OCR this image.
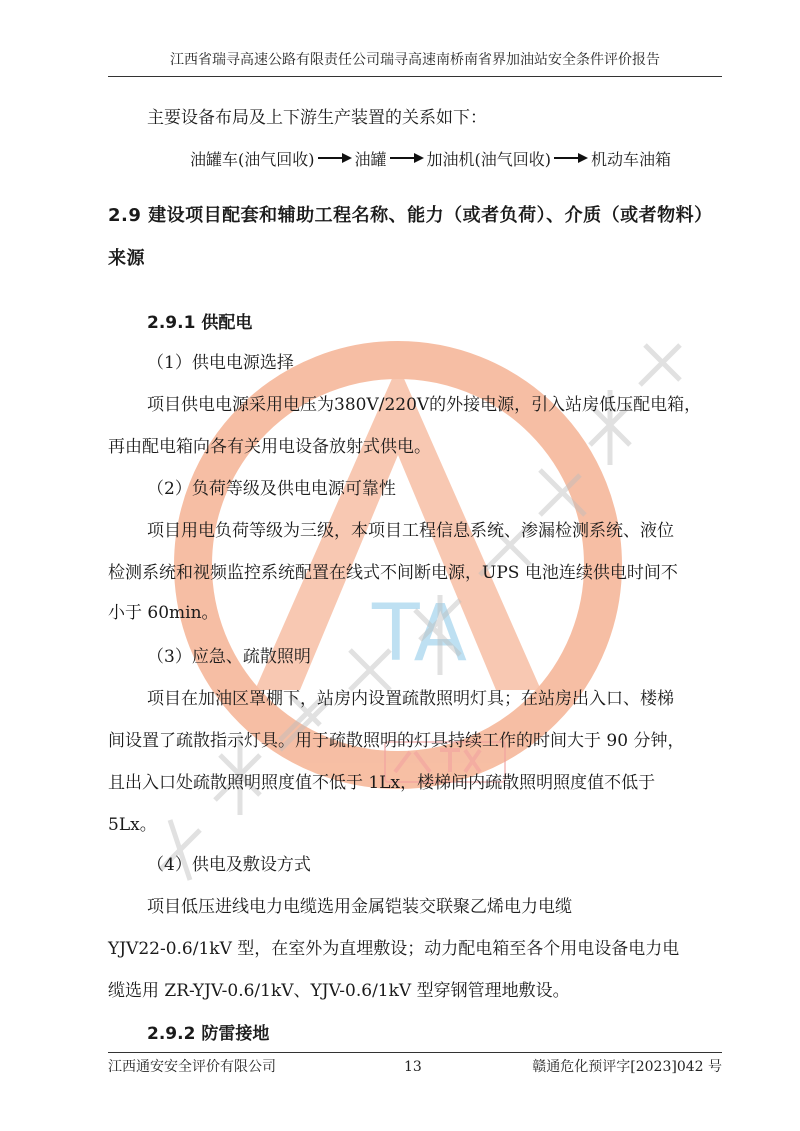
TA
江西省瑞寻高速公路有限责任公司瑞寻高速南桥南省界加油站安全条件评价报告
主要设备布局及上下游生产装置的关系如下：
油罐车(油气回收)	油罐	加油机(油气回收)	机动车油箱
2.9 建设项目配套和辅助工程名称、能力（或者负荷）、介质（或者物料）
来源
2.9.1 供配电
（1）供电电源选择
项目供电电源采用电压为380V/220V的外接电源，引入站房低压配电箱，
再由配电箱向各有关用电设备放射式供电。
（2）负荷等级及供电电源可靠性
项目用电负荷等级为三级，本项目工程信息系统、渗漏检测系统、液位
检测系统和视频监控系统配置在线式不间断电源，UPS 电池连续供电时间不
小于 60min。
（3）应急、疏散照明
项目在加油区罩棚下，站房内设置疏散照明灯具；在站房出入口、楼梯
间设置了疏散指示灯具。用于疏散照明的灯具持续工作的时间大于 90 分钟，
且出入口处疏散照明照度值不低于 1Lx，楼梯间内疏散照明照度值不低于
5Lx。
（4）供电及敷设方式
项目低压进线电力电缆选用金属铠装交联聚乙烯电力电缆
YJV22-0.6/1kV 型，在室外为直埋敷设；动力配电箱至各个用电设备电力电
缆选用 ZR-YJV-0.6/1kV、YJV-0.6/1kV 型穿钢管理地敷设。
2.9.2 防雷接地
江西通安安全评价有限公司	13	赣通危化预评字[2023]042 号
